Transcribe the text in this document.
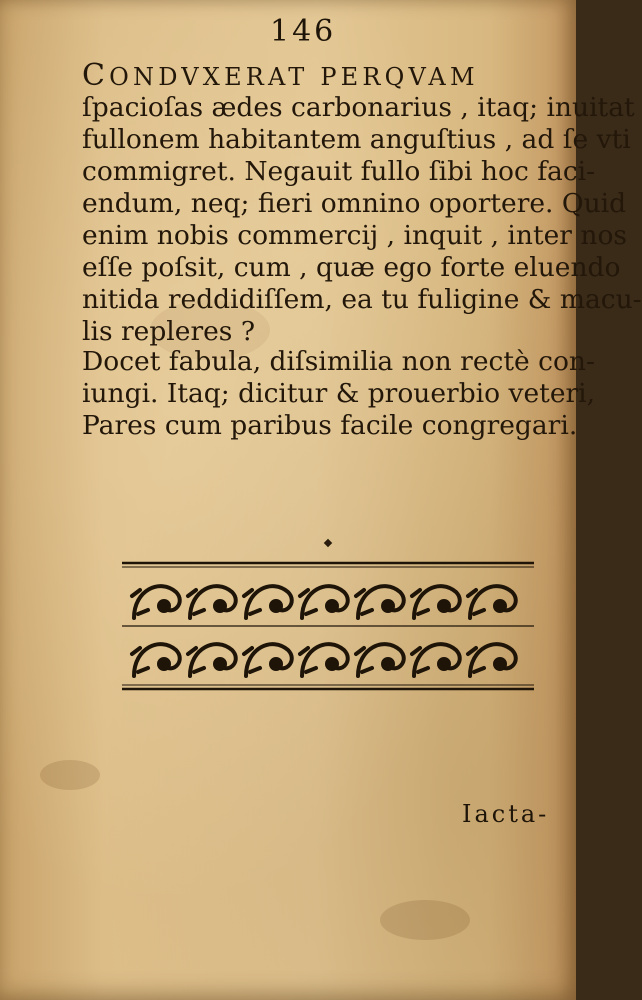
146
CONDVXERAT PERQVAM
ſpacioſas ædes carbonarius , itaq; inuitat
fullonem habitantem anguſtius , ad ſe vti
commigret. Negauit fullo ſibi hoc faci-
endum, neq; fieri omnino oportere. Quid
enim nobis commercij , inquit , inter nos
eſſe poſsit, cum , quæ ego forte eluendo
nitida reddidiſſem, ea tu fuligine & macu-
lis repleres ?
Docet fabula, diſsimilia non rectè con-
iungi. Itaq; dicitur & prouerbio veteri,
Pares cum paribus facile congregari.
Iacta-
